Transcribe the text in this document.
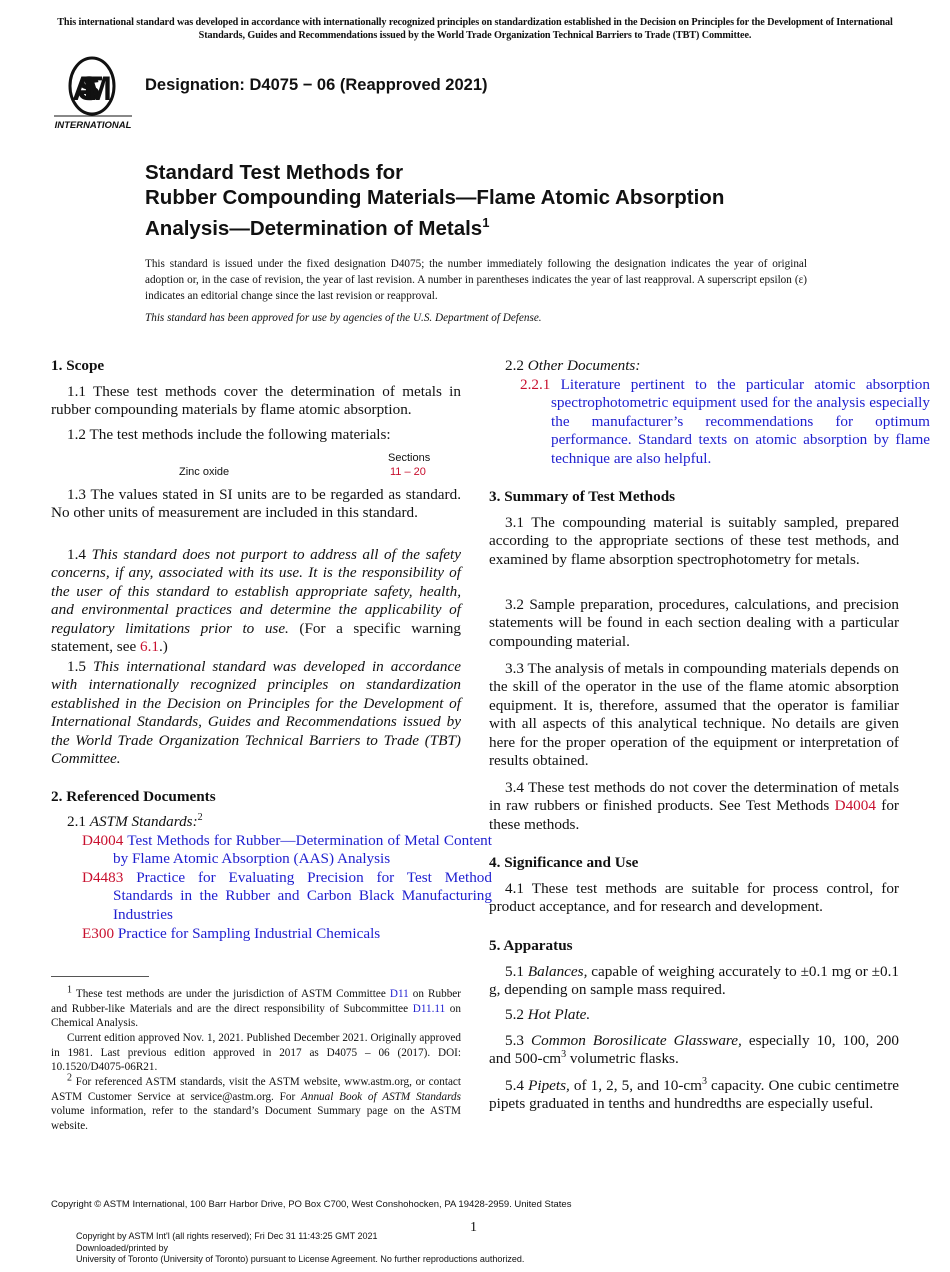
This international standard was developed in accordance with internationally recognized principles on standardization established in the Decision on Principles for the Development of International Standards, Guides and Recommendations issued by the World Trade Organization Technical Barriers to Trade (TBT) Committee.
ASTM
INTERNATIONAL
Designation: D4075 − 06 (Reapproved 2021)
Standard Test Methods for
Rubber Compounding Materials—Flame Atomic Absorption
Analysis—Determination of Metals$^1$
This standard is issued under the fixed designation D4075; the number immediately following the designation indicates the year of original adoption or, in the case of revision, the year of last revision. A number in parentheses indicates the year of last reapproval. A superscript epsilon (ε) indicates an editorial change since the last revision or reapproval.
This standard has been approved for use by agencies of the U.S. Department of Defense.
1. Scope
1.1 These test methods cover the determination of metals in rubber compounding materials by flame atomic absorption.
1.2 The test methods include the following materials:
Sections
Zinc oxide	11 – 20
1.3 The values stated in SI units are to be regarded as standard. No other units of measurement are included in this standard.
1.4 This standard does not purport to address all of the safety concerns, if any, associated with its use. It is the responsibility of the user of this standard to establish appropriate safety, health, and environmental practices and determine the applicability of regulatory limitations prior to use. (For a specific warning statement, see 6.1.)
1.5 This international standard was developed in accordance with internationally recognized principles on standardization established in the Decision on Principles for the Development of International Standards, Guides and Recommendations issued by the World Trade Organization Technical Barriers to Trade (TBT) Committee.
2. Referenced Documents
2.1 ASTM Standards:$^2$
D4004 Test Methods for Rubber—Determination of Metal Content by Flame Atomic Absorption (AAS) Analysis
D4483 Practice for Evaluating Precision for Test Method Standards in the Rubber and Carbon Black Manufacturing Industries
E300 Practice for Sampling Industrial Chemicals
1 These test methods are under the jurisdiction of ASTM Committee D11 on Rubber and Rubber-like Materials and are the direct responsibility of Subcommittee D11.11 on Chemical Analysis.
Current edition approved Nov. 1, 2021. Published December 2021. Originally approved in 1981. Last previous edition approved in 2017 as D4075 – 06 (2017). DOI: 10.1520/D4075-06R21.
2 For referenced ASTM standards, visit the ASTM website, www.astm.org, or contact ASTM Customer Service at service@astm.org. For Annual Book of ASTM Standards volume information, refer to the standard’s Document Summary page on the ASTM website.
2.2 Other Documents:
2.2.1 Literature pertinent to the particular atomic absorption spectrophotometric equipment used for the analysis especially the manufacturer’s recommendations for optimum performance. Standard texts on atomic absorption by flame technique are also helpful.
3. Summary of Test Methods
3.1 The compounding material is suitably sampled, prepared according to the appropriate sections of these test methods, and examined by flame absorption spectrophotometry for metals.
3.2 Sample preparation, procedures, calculations, and precision statements will be found in each section dealing with a particular compounding material.
3.3 The analysis of metals in compounding materials depends on the skill of the operator in the use of the flame atomic absorption equipment. It is, therefore, assumed that the operator is familiar with all aspects of this analytical technique. No details are given here for the proper operation of the equipment or interpretation of results obtained.
3.4 These test methods do not cover the determination of metals in raw rubbers or finished products. See Test Methods D4004 for these methods.
4. Significance and Use
4.1 These test methods are suitable for process control, for product acceptance, and for research and development.
5. Apparatus
5.1 Balances, capable of weighing accurately to ±0.1 mg or ±0.1 g, depending on sample mass required.
5.2 Hot Plate.
5.3 Common Borosilicate Glassware, especially 10, 100, 200 and $500-cm^3$ volumetric flasks.
5.4 Pipets, of 1, 2, 5, and $10-cm^3$ capacity. One cubic centimetre pipets graduated in tenths and hundredths are especially useful.
Copyright © ASTM International, 100 Barr Harbor Drive, PO Box C700, West Conshohocken, PA 19428-2959. United States
1
Copyright by ASTM Int'l (all rights reserved); Fri Dec 31 11:43:25 GMT 2021
Downloaded/printed by
University of Toronto (University of Toronto) pursuant to License Agreement. No further reproductions authorized.
